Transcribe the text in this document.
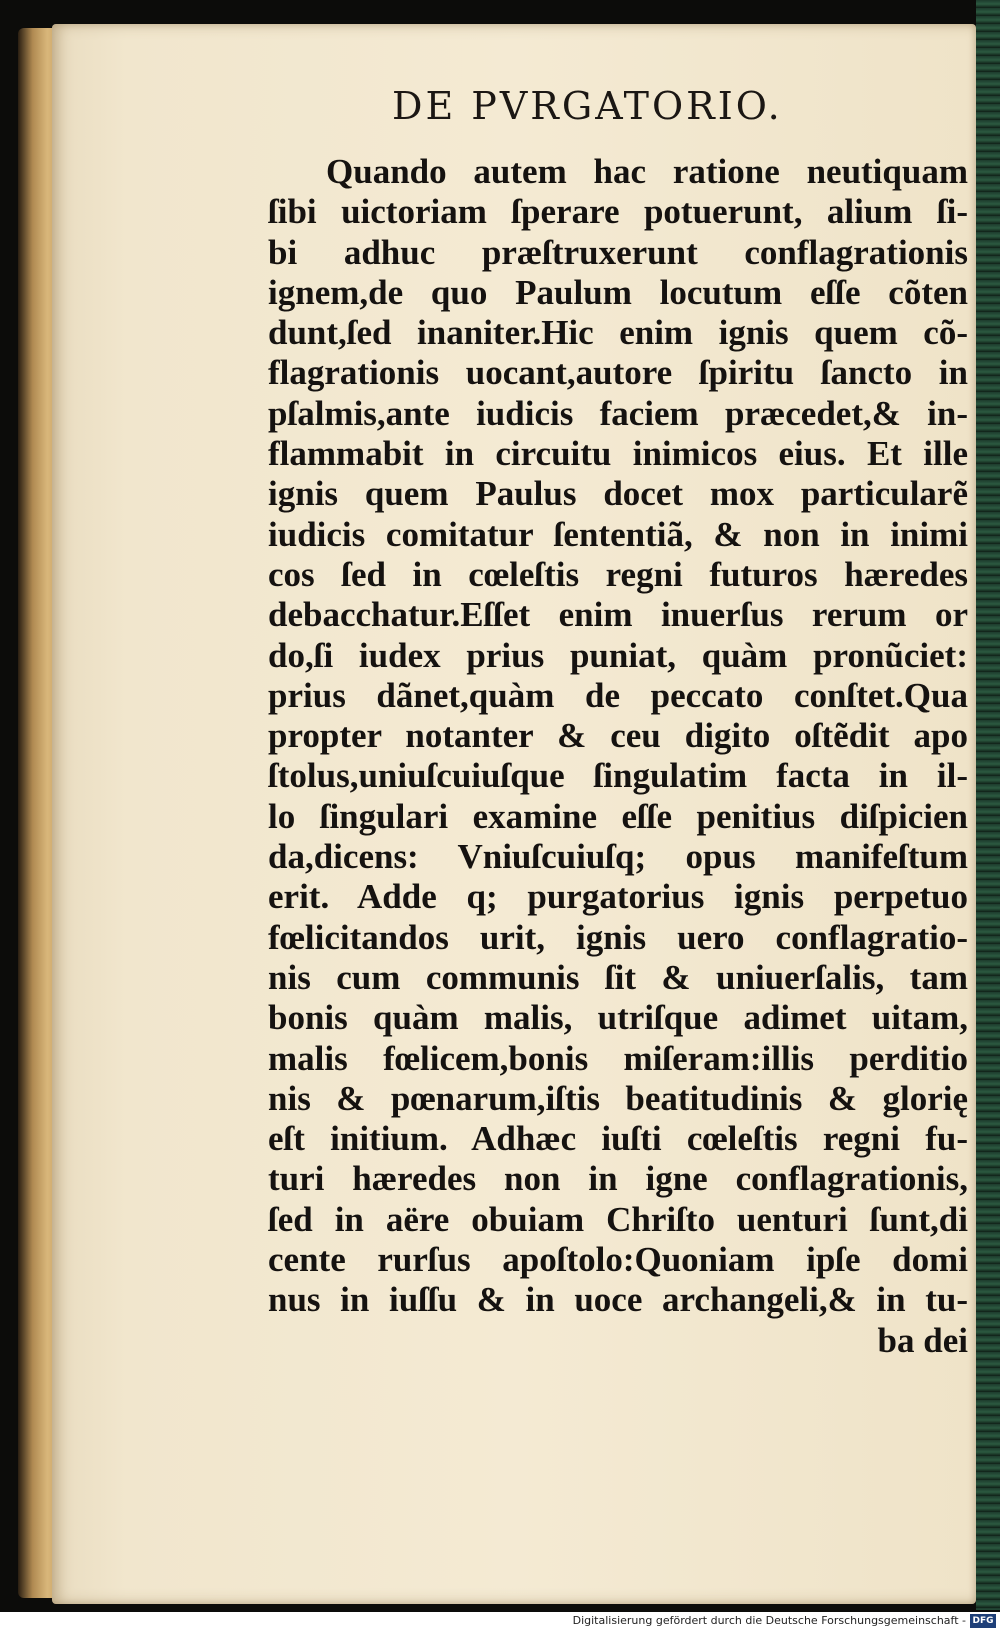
DE PVRGATORIO.
Quando autem hac ratione neutiquam
ſibi uictoriam ſperare potuerunt, alium ſi-
bi adhuc præſtruxerunt conflagrationis
ignem,de quo Paulum locutum eſſe cõten
dunt,ſed inaniter.Hic enim ignis quem cõ-
flagrationis uocant,autore ſpiritu ſancto in
pſalmis,ante iudicis faciem præcedet,& in-
flammabit in circuitu inimicos eius. Et ille
ignis quem Paulus docet mox particularẽ
iudicis comitatur ſententiã, & non in inimi
cos ſed in cœleſtis regni futuros hæredes
debacchatur.Eſſet enim inuerſus rerum or
do,ſi iudex prius puniat, quàm pronũciet:
prius dãnet,quàm de peccato conſtet.Qua
propter notanter & ceu digito oſtẽdit apo
ſtolus,uniuſcuiuſque ſingulatim facta in il-
lo ſingulari examine eſſe penitius diſpicien
da,dicens: Vniuſcuiuſq; opus manifeſtum
erit. Adde q; purgatorius ignis perpetuo
fœlicitandos urit, ignis uero conflagratio-
nis cum communis ſit & uniuerſalis, tam
bonis quàm malis, utriſque adimet uitam,
malis fœlicem,bonis miſeram:illis perditio
nis & pœnarum,iſtis beatitudinis & glorię
eſt initium. Adhæc iuſti cœleſtis regni fu-
turi hæredes non in igne conflagrationis,
ſed in aëre obuiam Chriſto uenturi ſunt,di
cente rurſus apoſtolo:Quoniam ipſe domi
nus in iuſſu & in uoce archangeli,& in tu-
ba dei
Digitalisierung gefördert durch die Deutsche Forschungsgemeinschaft - DFG
